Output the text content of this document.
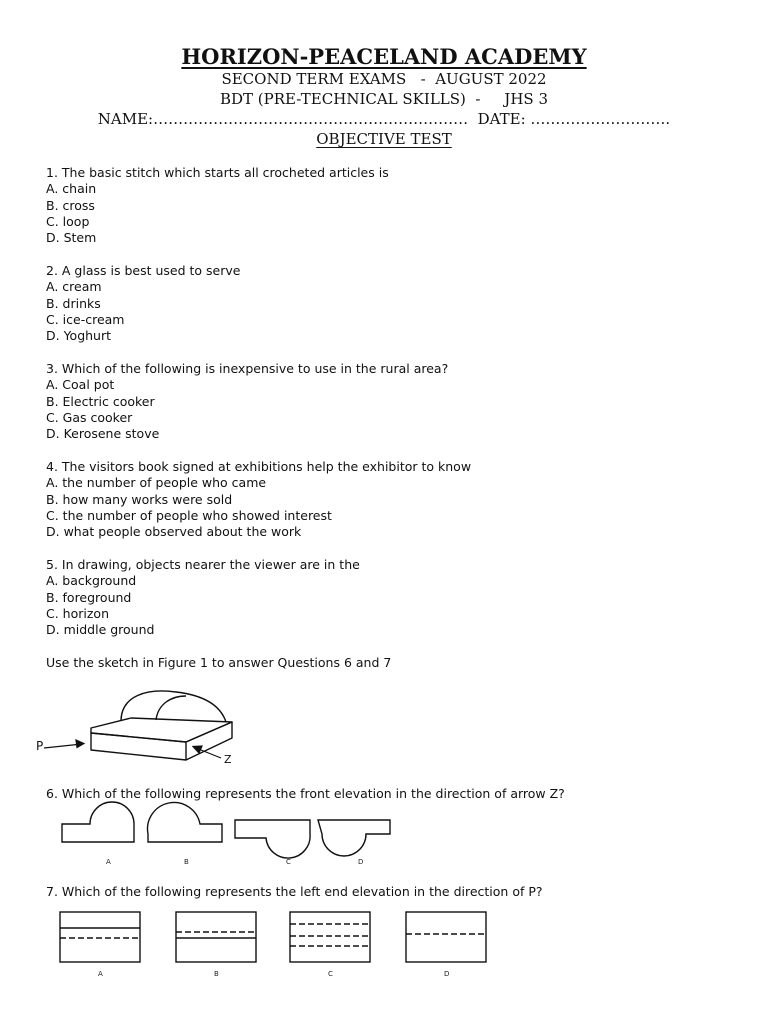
HORIZON-PEACELAND ACADEMY
SECOND TERM EXAMS   -  AUGUST 2022
BDT (PRE-TECHNICAL SKILLS)  -     JHS 3
NAME:………………………………………………………  DATE: ……………………….
OBJECTIVE TEST
1. The basic stitch which starts all crocheted articles is
A. chain
B. cross
C. loop
D. Stem
2. A glass is best used to serve
A. cream
B. drinks
C. ice-cream
D. Yoghurt
3. Which of the following is inexpensive to use in the rural area?
A. Coal pot
B. Electric cooker
C. Gas cooker
D. Kerosene stove
4. The visitors book signed at exhibitions help the exhibitor to know
A. the number of people who came
B. how many works were sold
C. the number of people who showed interest
D. what people observed about the work
5. In drawing, objects nearer the viewer are in the
A. background
B. foreground
C. horizon
D. middle ground
Use the sketch in Figure 1 to answer Questions 6 and 7
P
Z
6. Which of the following represents the front elevation in the direction of arrow Z?
A	B	C	D
7. Which of the following represents the left end elevation in the direction of P?
A	B	C	D
